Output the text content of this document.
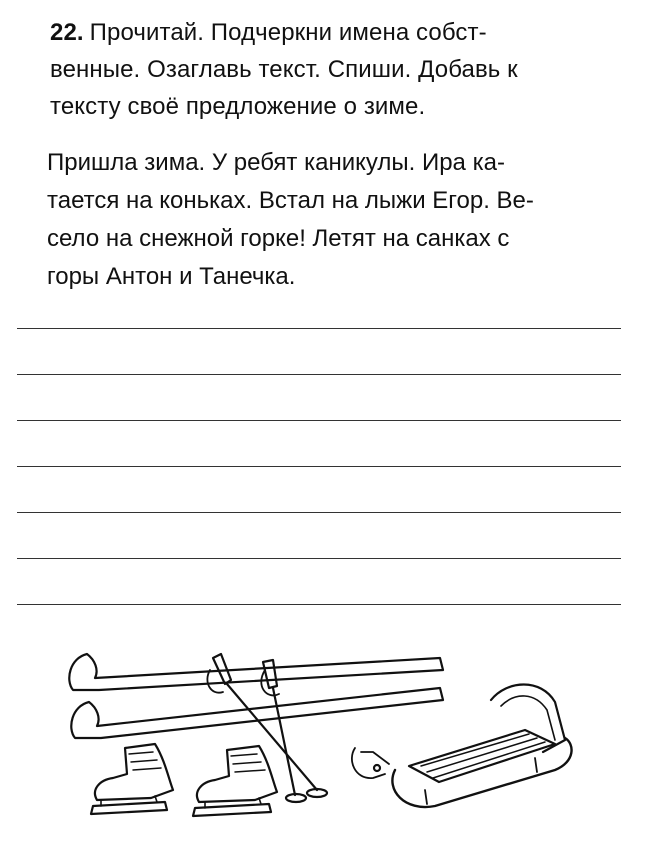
22. Прочитай. Подчеркни имена собст-
венные. Озаглавь текст. Спиши. Добавь к
тексту своё предложение о зиме.
Пришла зима. У ребят каникулы. Ира ка-
тается на коньках. Встал на лыжи Егор. Ве-
село на снежной горке! Летят на санках с
горы Антон и Танечка.
